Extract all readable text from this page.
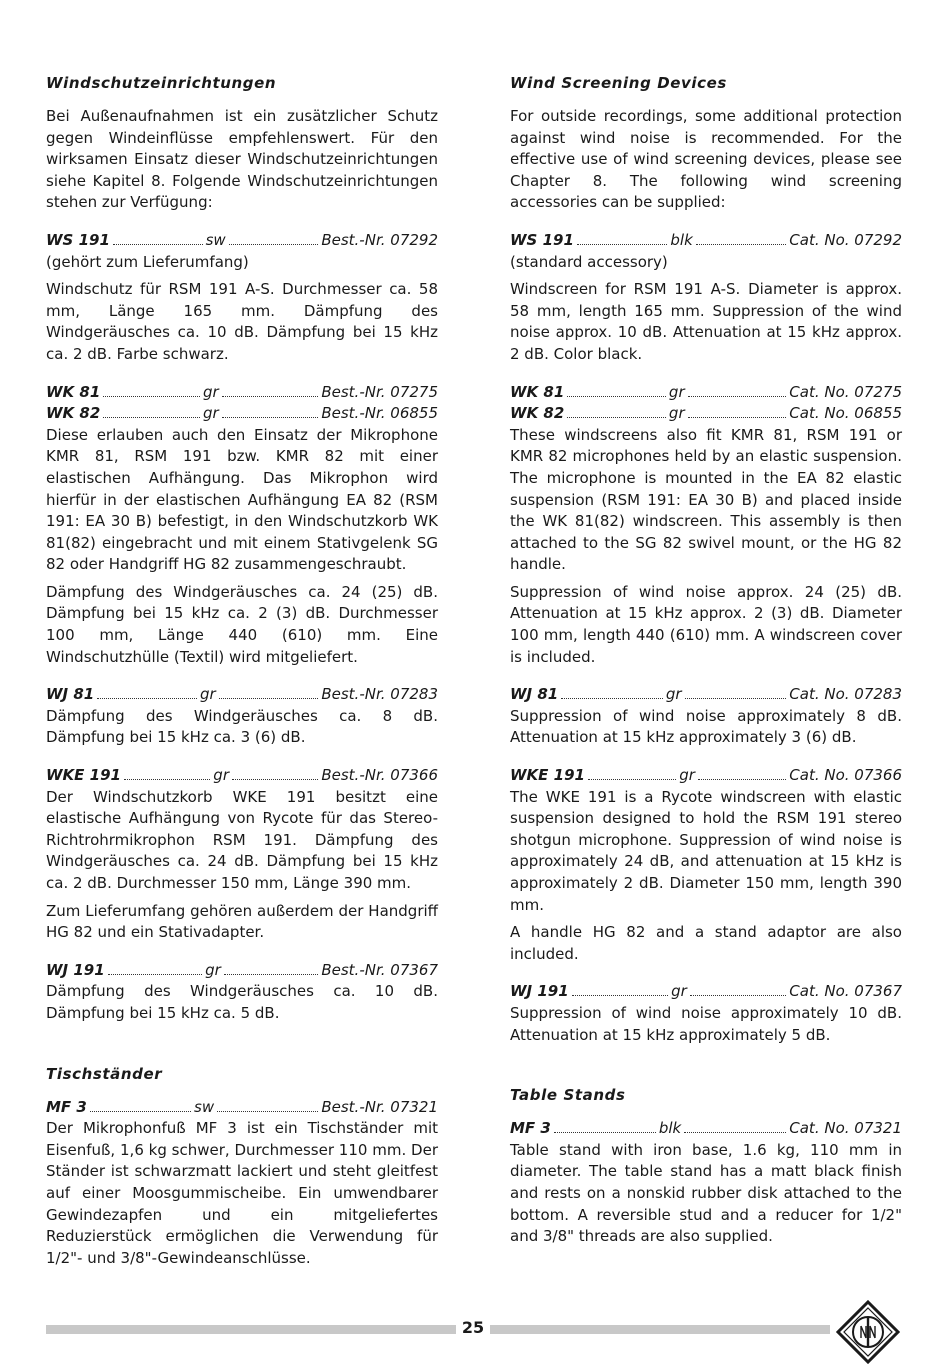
Windschutzeinrichtungen

Bei Außenaufnahmen ist ein zusätzlicher Schutz gegen Windeinflüsse empfehlenswert. Für den wirksamen Einsatz dieser Windschutzeinrichtungen siehe Kapitel 8. Folgende Windschutzeinrichtungen stehen zur Verfügung:

WS 191	sw	Best.-Nr. 07292

(gehört zum Lieferumfang)

Windschutz für RSM 191 A-S. Durchmesser ca. 58 mm, Länge 165 mm. Dämpfung des Windgeräusches ca. 10 dB. Dämpfung bei 15 kHz ca. 2 dB. Farbe schwarz.

WK 81	gr	Best.-Nr. 07275
WK 82	gr	Best.-Nr. 06855

Diese erlauben auch den Einsatz der Mikrophone KMR 81, RSM 191 bzw. KMR 82 mit einer elastischen Aufhängung. Das Mikrophon wird hierfür in der elastischen Aufhängung EA 82 (RSM 191: EA 30 B) befestigt, in den Windschutzkorb WK 81(82) eingebracht und mit einem Stativgelenk SG 82 oder Handgriff HG 82 zusammengeschraubt.

Dämpfung des Windgeräusches ca. 24 (25) dB. Dämpfung bei 15 kHz ca. 2 (3) dB. Durchmesser 100 mm, Länge 440 (610) mm. Eine Windschutzhülle (Textil) wird mitgeliefert.

WJ 81	gr	Best.-Nr. 07283

Dämpfung des Windgeräusches ca. 8 dB. Dämpfung bei 15 kHz ca. 3 (6) dB.

WKE 191	gr	Best.-Nr. 07366

Der Windschutzkorb WKE 191 besitzt eine elastische Aufhängung von Rycote für das Stereo-Richtrohrmikrophon RSM 191. Dämpfung des Windgeräusches ca. 24 dB. Dämpfung bei 15 kHz ca. 2 dB. Durchmesser 150 mm, Länge 390 mm.

Zum Lieferumfang gehören außerdem der Handgriff HG 82 und ein Stativadapter.

WJ 191	gr	Best.-Nr. 07367

Dämpfung des Windgeräusches ca. 10 dB. Dämpfung bei 15 kHz ca. 5 dB.

Tischständer
MF 3	sw	Best.-Nr. 07321

Der Mikrophonfuß MF 3 ist ein Tischständer mit Eisenfuß, 1,6 kg schwer, Durchmesser 110 mm. Der Ständer ist schwarzmatt lackiert und steht gleitfest auf einer Moosgummischeibe. Ein umwendbarer Gewindezapfen und ein mitgeliefertes Reduzierstück ermöglichen die Verwendung für 1/2"- und 3/8"-Gewindeanschlüsse.

Wind Screening Devices

For outside recordings, some additional protection against wind noise is recommended. For the effective use of wind screening devices, please see Chapter 8. The following wind screening accessories can be supplied:

WS 191	blk	Cat. No. 07292

(standard accessory)

Windscreen for RSM 191 A-S. Diameter is approx. 58 mm, length 165 mm. Suppression of the wind noise approx. 10 dB. Attenuation at 15 kHz approx. 2 dB. Color black.

WK 81	gr	Cat. No. 07275
WK 82	gr	Cat. No. 06855

These windscreens also fit KMR 81, RSM 191 or KMR 82 microphones held by an elastic suspension. The microphone is mounted in the EA 82 elastic suspension (RSM 191: EA 30 B) and placed inside the WK 81(82) windscreen. This assembly is then attached to the SG 82 swivel mount, or the HG 82 handle.

Suppression of wind noise approx. 24 (25) dB. Attenuation at 15 kHz approx. 2 (3) dB. Diameter 100 mm, length 440 (610) mm. A windscreen cover is included.

WJ 81	gr	Cat. No. 07283

Suppression of wind noise approximately 8 dB. Attenuation at 15 kHz approximately 3 (6) dB.

WKE 191	gr	Cat. No. 07366

The WKE 191 is a Rycote windscreen with elastic suspension designed to hold the RSM 191 stereo shotgun microphone. Suppression of wind noise is approximately 24 dB, and attenuation at 15 kHz is approximately 2 dB. Diameter 150 mm, length 390 mm.

A handle HG 82 and a stand adaptor are also included.

WJ 191	gr	Cat. No. 07367

Suppression of wind noise approximately 10 dB. Attenuation at 15 kHz approximately 5 dB.

Table Stands
MF 3	blk	Cat. No. 07321

Table stand with iron base, 1.6 kg, 110 mm in diameter. The table stand has a matt black finish and rests on a nonskid rubber disk attached to the bottom. A reversible stud and a reducer for 1/2" and 3/8" threads are also supplied.

25
